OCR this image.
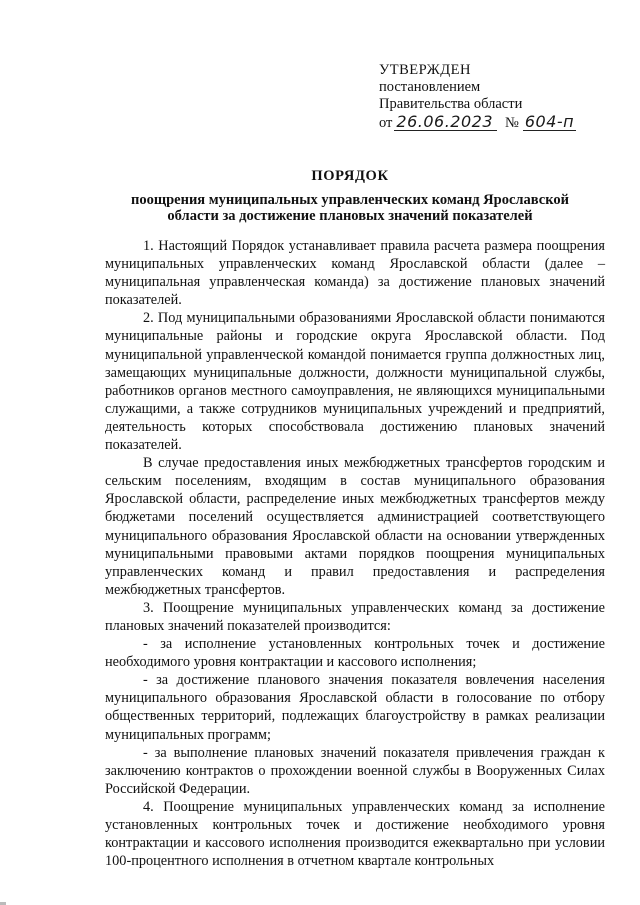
УТВЕРЖДЕН
постановлением
Правительства области
от 26.06.2023 № 604-п
ПОРЯДОК
поощрения муниципальных управленческих команд Ярославской
области за достижение плановых значений показателей

1. Настоящий Порядок устанавливает правила расчета размера поощрения муниципальных управленческих команд Ярославской области (далее – муниципальная управленческая команда) за достижение плановых значений показателей.

2. Под муниципальными образованиями Ярославской области понимаются муниципальные районы и городские округа Ярославской области. Под муниципальной управленческой командой понимается группа должностных лиц, замещающих муниципальные должности, должности муниципальной службы, работников органов местного самоуправления, не являющихся муниципальными служащими, а также сотрудников муниципальных учреждений и предприятий, деятельность которых способствовала достижению плановых значений показателей.

В случае предоставления иных межбюджетных трансфертов городским и сельским поселениям, входящим в состав муниципального образования Ярославской области, распределение иных межбюджетных трансфертов между бюджетами поселений осуществляется администрацией соответствующего муниципального образования Ярославской области на основании утвержденных муниципальными правовыми актами порядков поощрения муниципальных управленческих команд и правил предоставления и распределения межбюджетных трансфертов.

3. Поощрение муниципальных управленческих команд за достижение плановых значений показателей производится:

- за исполнение установленных контрольных точек и достижение необходимого уровня контрактации и кассового исполнения;

- за достижение планового значения показателя вовлечения населения муниципального образования Ярославской области в голосование по отбору общественных территорий, подлежащих благоустройству в рамках реализации муниципальных программ;

- за выполнение плановых значений показателя привлечения граждан к заключению контрактов о прохождении военной службы в Вооруженных Силах Российской Федерации.

4. Поощрение муниципальных управленческих команд за исполнение установленных контрольных точек и достижение необходимого уровня контрактации и кассового исполнения производится ежеквартально при условии 100-процентного исполнения в отчетном квартале контрольных
